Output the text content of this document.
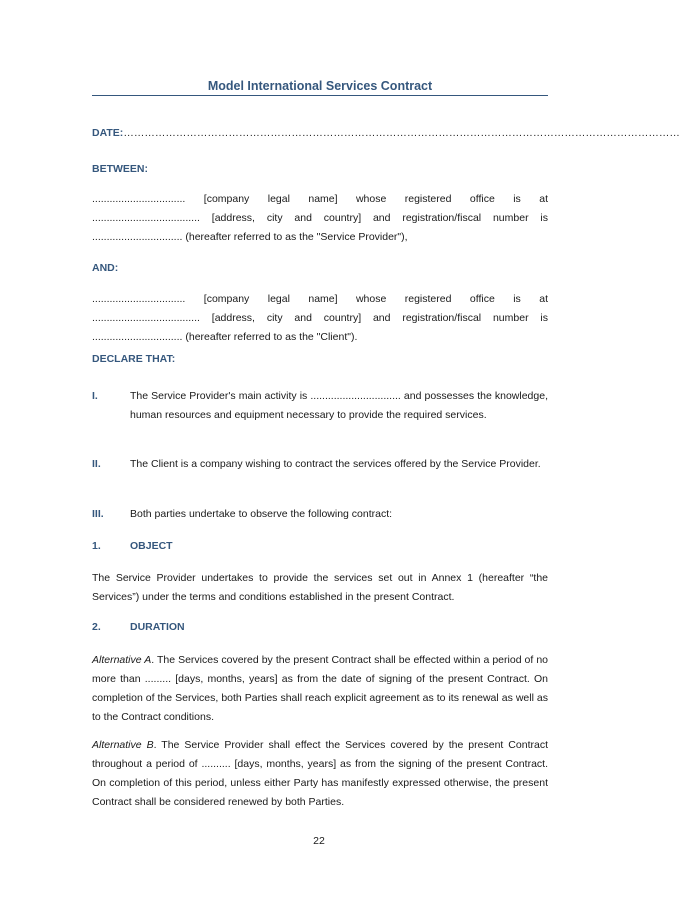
Model International Services Contract
DATE:……………………………………………………………………………………………………………………………………………
BETWEEN:
................................ [company legal name] whose registered office is at
..................................... [address, city and country] and registration/fiscal number is
............................... (hereafter referred to as the "Service Provider"),
AND:
................................ [company legal name] whose registered office is at
..................................... [address, city and country] and registration/fiscal number is
............................... (hereafter referred to as the "Client").
DECLARE THAT:
I.	The Service Provider's main activity is ............................... and possesses the knowledge, human resources and equipment necessary to provide the required services.
II.	The Client is a company wishing to contract the services offered by the Service Provider.
III.	Both parties undertake to observe the following contract:
1.	OBJECT
The Service Provider undertakes to provide the services set out in Annex 1 (hereafter “the Services”) under the terms and conditions established in the present Contract.
2.	DURATION
Alternative A. The Services covered by the present Contract shall be effected within a period of no more than ......... [days, months, years] as from the date of signing of the present Contract. On completion of the Services, both Parties shall reach explicit agreement as to its renewal as well as to the Contract conditions.
Alternative B. The Service Provider shall effect the Services covered by the present Contract throughout a period of .......... [days, months, years] as from the signing of the present Contract. On completion of this period, unless either Party has manifestly expressed otherwise, the present Contract shall be considered renewed by both Parties.
22
